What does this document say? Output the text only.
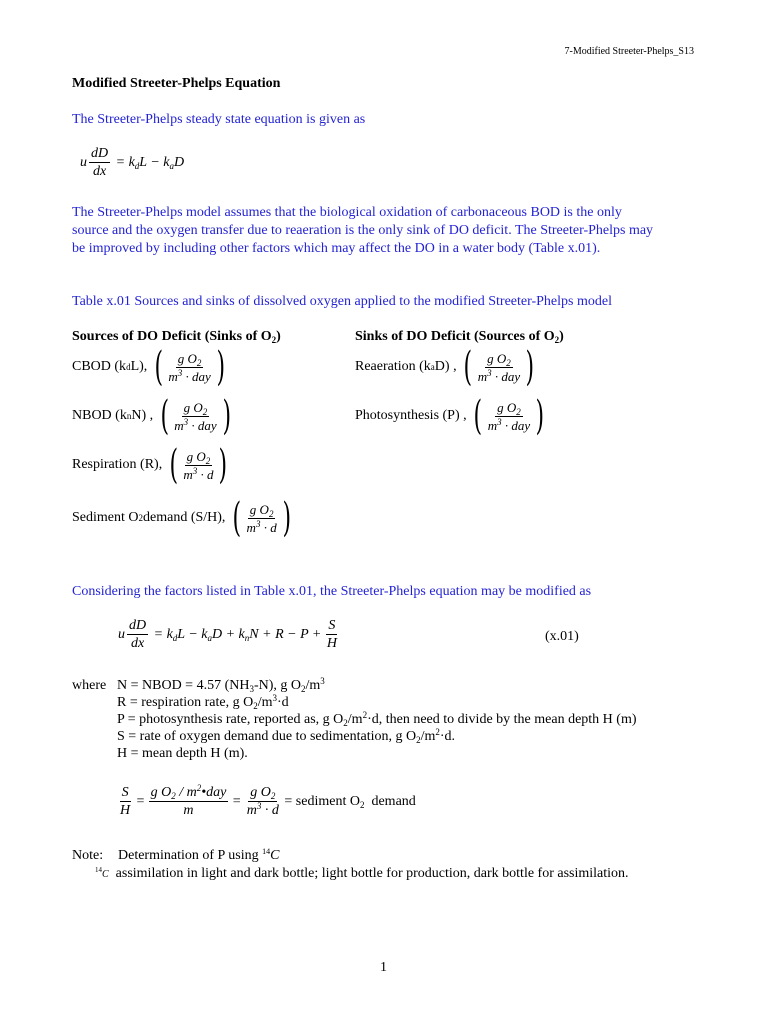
7-Modified Streeter-Phelps_S13
Modified Streeter-Phelps Equation
The Streeter-Phelps steady state equation is given as
u $\frac{dD}{dx} = k_dL - k_aD$
The Streeter-Phelps model assumes that the biological oxidation of carbonaceous BOD is the only
source and the oxygen transfer due to reaeration is the only sink of DO deficit. The Streeter-Phelps may
be improved by including other factors which may affect the DO in a water body (Table x.01).
Table x.01 Sources and sinks of dissolved oxygen applied to the modified Streeter-Phelps model
Sources of DO Deficit (Sinks of $O_2$)	Sinks of DO Deficit (Sources of $O_2$)
CBOD (k d L), ( $\frac{g O_2}{m^3 \cdot day}$ )
NBOD (k n N) , ( $\frac{g O_2}{m^3 \cdot day}$ )
Respiration (R),
( $\frac{g O_2}{m^3 \cdot d}$ )
Sediment O 2 demand (S/H),
( $\frac{g O_2}{m^3 \cdot d}$ )
Reaeration (k a D) , ( $\frac{g O_2}{m^3 \cdot day}$ )
Photosynthesis (P) ,
( $\frac{g O_2}{m^3 \cdot day}$ )
Considering the factors listed in Table x.01, the Streeter-Phelps equation may be modified as
u $\frac{dD}{dx} = k_dL - k_aD + k_nN + R - P + \frac{S}{H}$	(x.01)
where N = NBOD = 4.57 $(NH_3-N)$, g $O_2/m^3$
R = respiration rate, g $O_2/m^3\cdot d$
P = photosynthesis rate, reported as, g $O_2/m^2\cdot d$, then need to divide by the mean depth H (m)
S = rate of oxygen demand due to sedimentation, g $O_2/m^2\cdot d$.
H = mean depth H (m).
$\frac{S}{H} = \frac{g O_2 / m^2•day}{m} = \frac{g O_2}{m^3 \cdot d}$ = sediment $O_2$ demand
Note: Determination of P using $^{14}$C
$^{14}$C assimilation in light and dark bottle; light bottle for production, dark bottle for assimilation.
1
